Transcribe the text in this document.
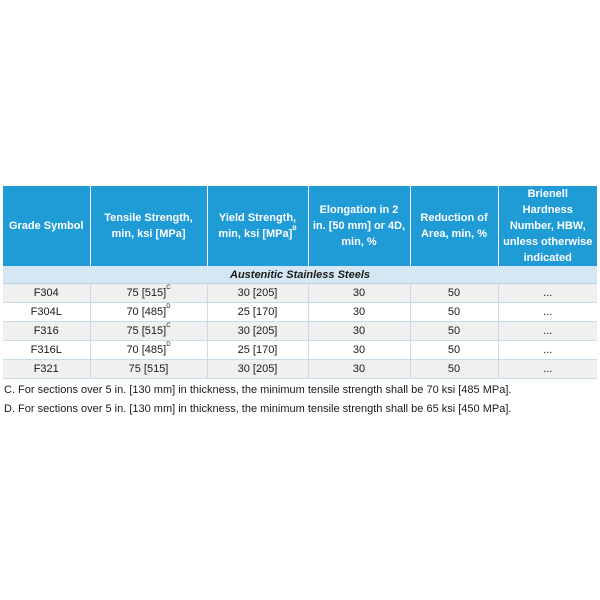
Grade Symbol	Tensile Strength, min, ksi [MPa]	Yield Strength, min, ksi [MPa]$^B$	Elongation in 2 in. [50 mm] or 4D, min, %	Reduction of Area, min, %	Brienell Hardness Number, HBW, unless otherwise indicated
Austenitic Stainless Steels					
F304	75 $[515]^C$	30 [205]	30	50	...
F304L	70 $[485]^D$	25 [170]	30	50	...
F316	75 $[515]^C$	30 [205]	30	50	...
F316L	70 $[485]^D$	25 [170]	30	50	...
F321	75 [515]	30 [205]	30	50	...
C. For sections over 5 in. [130 mm] in thickness, the minimum tensile strength shall be 70 ksi [485 MPa].
D. For sections over 5 in. [130 mm] in thickness, the minimum tensile strength shall be 65 ksi [450 MPa].
